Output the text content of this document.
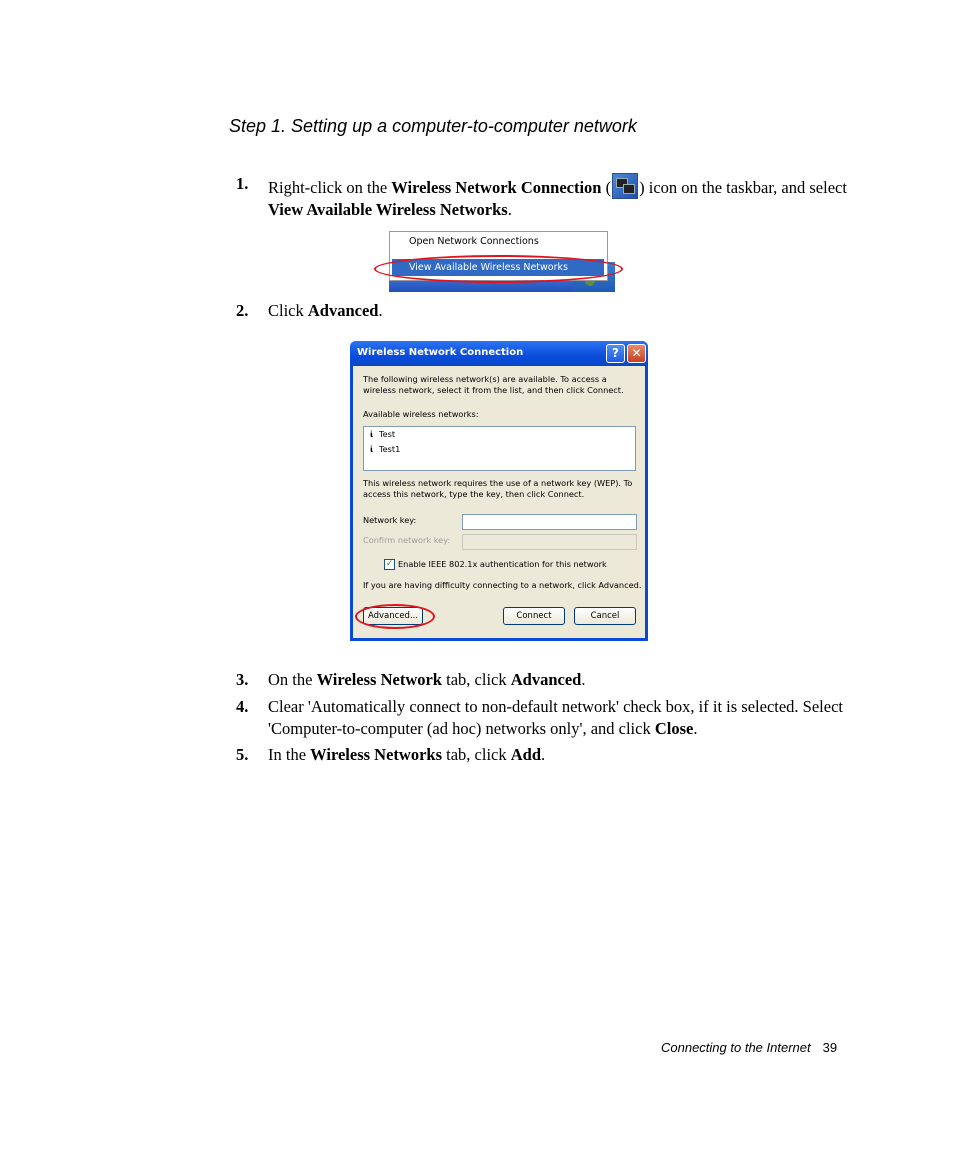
Step 1. Setting up a computer-to-computer network
1. Right-click on the Wireless Network Connection ( ) icon on the taskbar, and select View Available Wireless Networks.
Open Network Connections
View Available Wireless Networks
2. Click Advanced.
Wireless Network Connection	?	✕
The following wireless network(s) are available. To access a
wireless network, select it from the list, and then click Connect.
Available wireless networks:
ἰ Test
ἰ Test1
This wireless network requires the use of a network key (WEP). To
access this network, type the key, then click Connect.
Network key:
Confirm network key:
✓ Enable IEEE 802.1x authentication for this network
If you are having difficulty connecting to a network, click Advanced.
Advanced...	Connect	Cancel
3. On the Wireless Network tab, click Advanced.
4. Clear 'Automatically connect to non-default network' check box, if it is selected. Select 'Computer-to-computer (ad hoc) networks only', and click Close.
5. In the Wireless Networks tab, click Add.
Connecting to the Internet 39
